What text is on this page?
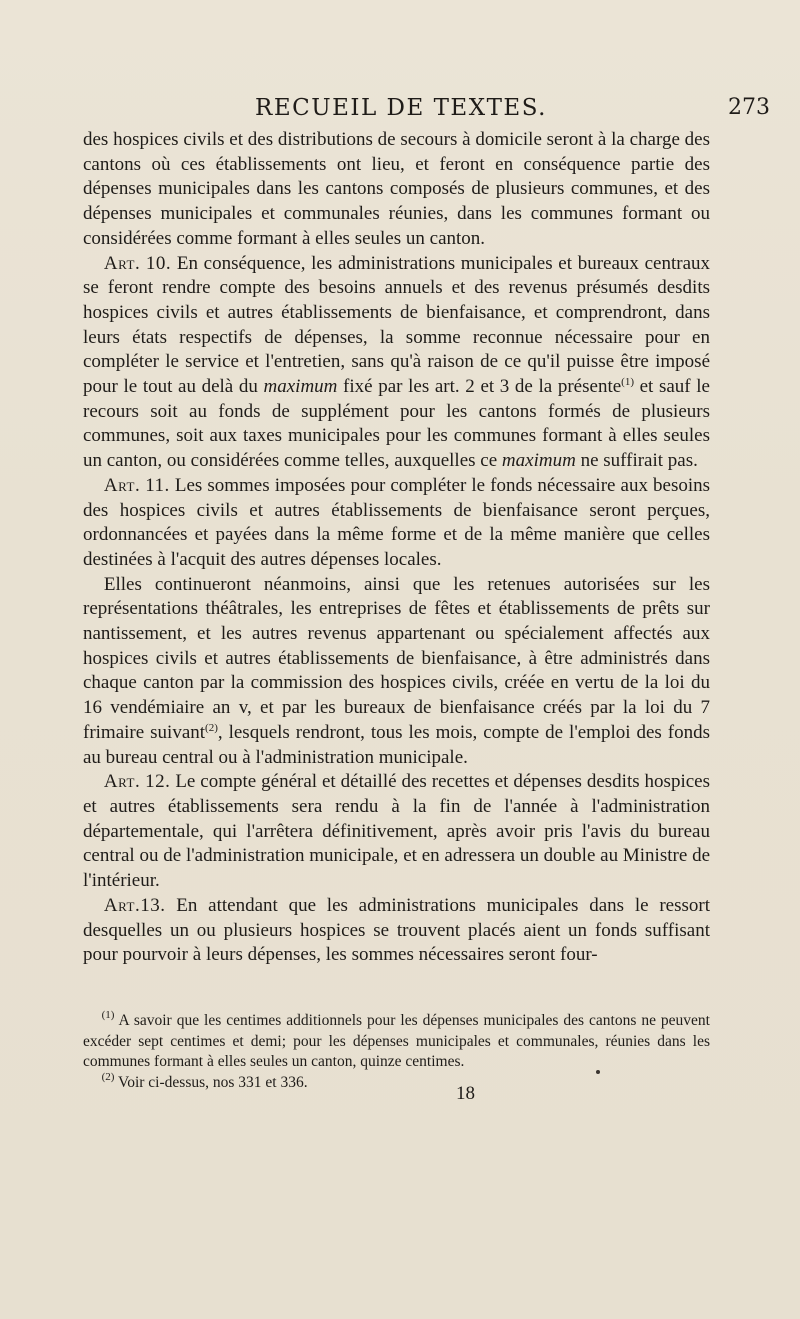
RECUEIL DE TEXTES.	273

des hospices civils et des distributions de secours à domicile seront à la charge des cantons où ces établissements ont lieu, et feront en conséquence partie des dépenses municipales dans les cantons composés de plusieurs communes, et des dépenses municipales et communales réunies, dans les communes formant ou considérées comme formant à elles seules un canton.

Art. 10. En conséquence, les administrations municipales et bureaux centraux se feront rendre compte des besoins annuels et des revenus présumés desdits hospices civils et autres établissements de bienfaisance, et comprendront, dans leurs états respectifs de dépenses, la somme reconnue nécessaire pour en compléter le service et l'entretien, sans qu'à raison de ce qu'il puisse être imposé pour le tout au delà du maximum fixé par les art. 2 et 3 de la présente$^{(1)}$ et sauf le recours soit au fonds de supplément pour les cantons formés de plusieurs communes, soit aux taxes municipales pour les communes formant à elles seules un canton, ou considérées comme telles, auxquelles ce maximum ne suffirait pas.

Art. 11. Les sommes imposées pour compléter le fonds nécessaire aux besoins des hospices civils et autres établissements de bienfaisance seront perçues, ordonnancées et payées dans la même forme et de la même manière que celles destinées à l'acquit des autres dépenses locales.

Elles continueront néanmoins, ainsi que les retenues autorisées sur les représentations théâtrales, les entreprises de fêtes et établissements de prêts sur nantissement, et les autres revenus appartenant ou spécialement affectés aux hospices civils et autres établissements de bienfaisance, à être administrés dans chaque canton par la commission des hospices civils, créée en vertu de la loi du 16 vendémiaire an v, et par les bureaux de bienfaisance créés par la loi du 7 frimaire suivant$^{(2)}$, lesquels rendront, tous les mois, compte de l'emploi des fonds au bureau central ou à l'administration municipale.

Art. 12. Le compte général et détaillé des recettes et dépenses desdits hospices et autres établissements sera rendu à la fin de l'année à l'administration départementale, qui l'arrêtera définitivement, après avoir pris l'avis du bureau central ou de l'administration municipale, et en adressera un double au Ministre de l'intérieur.

Art.13. En attendant que les administrations municipales dans le ressort desquelles un ou plusieurs hospices se trouvent placés aient un fonds suffisant pour pourvoir à leurs dépenses, les sommes nécessaires seront four-

$^{(1)}$ A savoir que les centimes additionnels pour les dépenses municipales des cantons ne peuvent excéder sept centimes et demi; pour les dépenses municipales et communales, réunies dans les communes formant à elles seules un canton, quinze centimes.

$^{(2)}$ Voir ci-dessus, nos 331 et 336.

18
